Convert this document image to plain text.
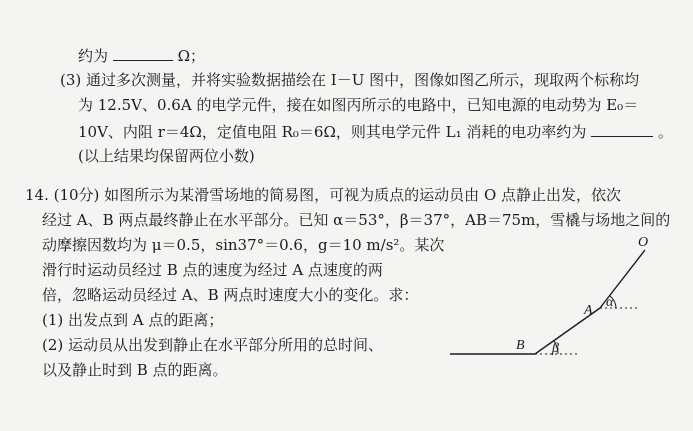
约为	Ω；
(3) 通过多次测量，并将实验数据描绘在 I－U 图中，图像如图乙所示，现取两个标称均
为 12.5V、0.6A 的电学元件，接在如图丙所示的电路中，已知电源的电动势为 E₀＝
10V、内阻 r＝4Ω，定值电阻 R₀＝6Ω，则其电学元件 L₁ 消耗的电功率约为	。
(以上结果均保留两位小数)
14. (10分) 如图所示为某滑雪场地的简易图，可视为质点的运动员由 O 点静止出发，依次
经过 A、B 两点最终静止在水平部分。已知 α＝53°，β＝37°，AB＝75m，雪橇与场地之间的
动摩擦因数均为 μ＝0.5，sin37°＝0.6，g＝10 m/s²。某次
滑行时运动员经过 B 点的速度为经过 A 点速度的两
倍，忽略运动员经过 A、B 两点时速度大小的变化。求：
(1) 出发点到 A 点的距离；
(2) 运动员从出发到静止在水平部分所用的总时间、
以及静止时到 B 点的距离。
O
A
B
α
β
